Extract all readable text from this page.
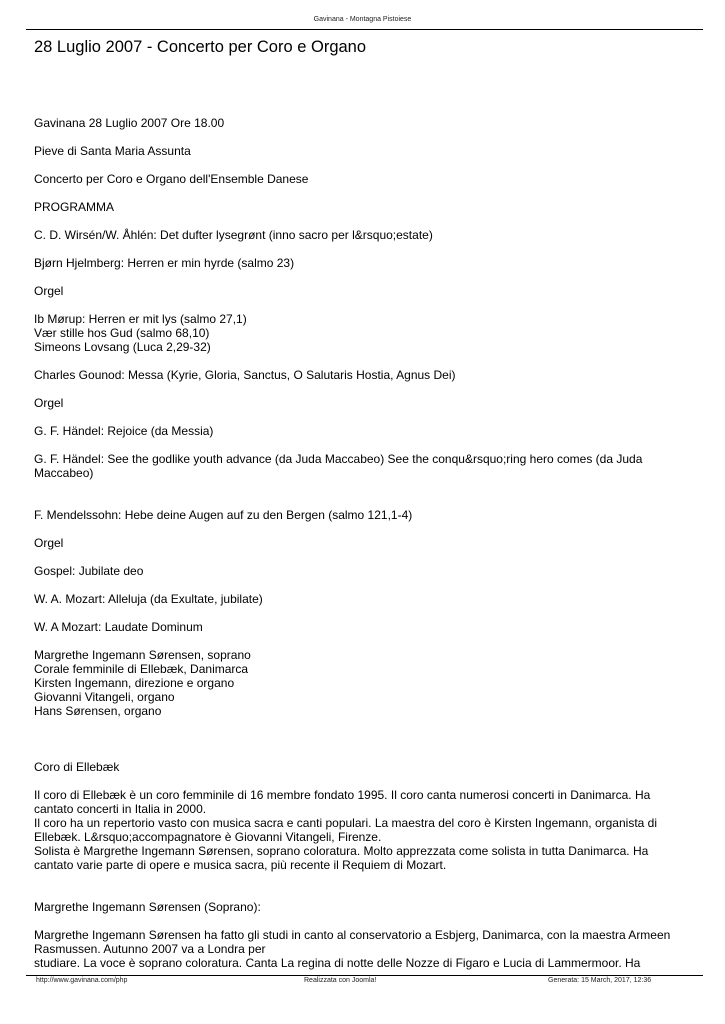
Gavinana - Montagna Pistoiese
28 Luglio 2007 - Concerto per Coro e Organo

Gavinana 28 Luglio 2007 Ore 18.00

Pieve di Santa Maria Assunta

Concerto per Coro e Organo dell'Ensemble Danese

PROGRAMMA

C. D. Wirsén/W. Åhlén: Det dufter lysegrønt (inno sacro per l&rsquo;estate)

Bjørn Hjelmberg: Herren er min hyrde (salmo 23)

Orgel

Ib Mørup: Herren er mit lys (salmo 27,1)
Vær stille hos Gud (salmo 68,10)
Simeons Lovsang (Luca 2,29-32)

Charles Gounod: Messa (Kyrie, Gloria, Sanctus, O Salutaris Hostia, Agnus Dei)

Orgel

G. F. Händel: Rejoice (da Messia)

G. F. Händel: See the godlike youth advance (da Juda Maccabeo) See the conqu&rsquo;ring hero comes (da Juda
Maccabeo)

F. Mendelssohn: Hebe deine Augen auf zu den Bergen (salmo 121,1-4)

Orgel

Gospel: Jubilate deo

W. A. Mozart: Alleluja (da Exultate, jubilate)

W. A Mozart: Laudate Dominum

Margrethe Ingemann Sørensen, soprano
Corale femminile di Ellebæk, Danimarca
Kirsten Ingemann, direzione e organo
Giovanni Vitangeli, organo
Hans Sørensen, organo

Coro di Ellebæk

Il coro di Ellebæk è un coro femminile di 16 membre fondato 1995. Il coro canta numerosi concerti in Danimarca. Ha
cantato concerti in Italia in 2000.
Il coro ha un repertorio vasto con musica sacra e canti populari. La maestra del coro è Kirsten Ingemann, organista di
Ellebæk. L&rsquo;accompagnatore è Giovanni Vitangeli, Firenze.
Solista è Margrethe Ingemann Sørensen, soprano coloratura. Molto apprezzata come solista in tutta Danimarca. Ha
cantato varie parte di opere e musica sacra, più recente il Requiem di Mozart.

Margrethe Ingemann Sørensen (Soprano):

Margrethe Ingemann Sørensen ha fatto gli studi in canto al conservatorio a Esbjerg, Danimarca, con la maestra Armeen
Rasmussen. Autunno 2007 va a Londra per
studiare. La voce è soprano coloratura. Canta La regina di notte delle Nozze di Figaro e Lucia di Lammermoor. Ha

http://www.gavinana.com/php	Realizzata con Joomla!	Generata: 15 March, 2017, 12:36
